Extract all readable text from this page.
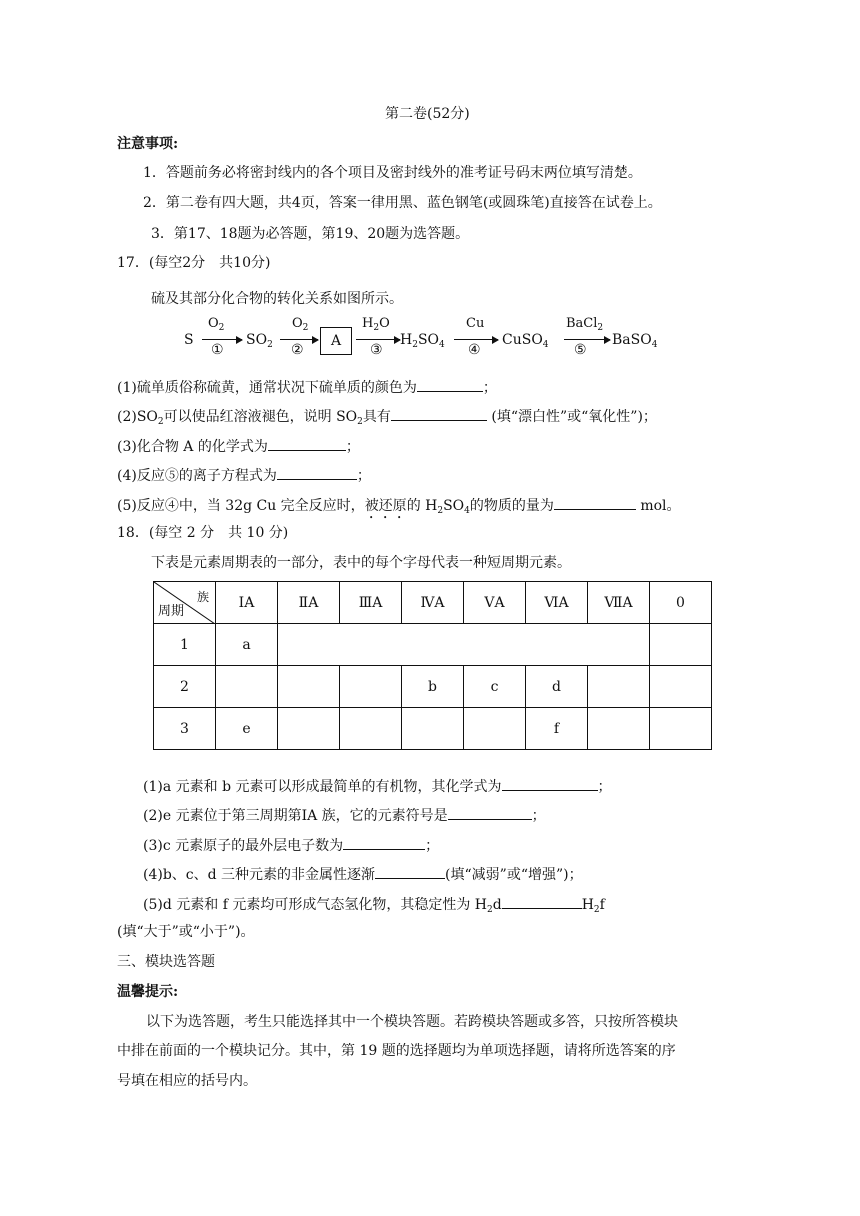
第二卷(52分)
注意事项:
1．答题前务必将密封线内的各个项目及密封线外的准考证号码末两位填写清楚。
2．第二卷有四大题，共4页，答案一律用黑、蓝色钢笔(或圆珠笔)直接答在试卷上。
3．第17、18题为必答题，第19、20题为选答题。
17．(每空2分　共10分)
硫及其部分化合物的转化关系如图所示。
S
$O_2$
①
$SO_2$
$O_2$
②
A
$H_2O$
③
$H_2SO_4$
Cu
④
CuSO$_4$
BaCl$_2$
⑤
BaSO$_4$
(1)硫单质俗称硫黄，通常状况下硫单质的颜色为	；
$(2)SO_2$可以使品红溶液褪色，说明 $SO_2$具有	(填“漂白性”或“氧化性”)；
(3)化合物 A 的化学式为	；
(4)反应⑤的离子方程式为	；
(5)反应④中，当 32g Cu 完全反应时，被还原的 $H_2SO_4$的物质的量为	mol。
18．(每空 2 分　共 10 分)
下表是元素周期表的一部分，表中的每个字母代表一种短周期元素。
族
周期	ⅠA	ⅡA	ⅢA	ⅣA	ⅤA	ⅥA	ⅦA	0
1	a							
2				b	c	d		
3	e					f		
(1)a 元素和 b 元素可以形成最简单的有机物，其化学式为	；
(2)e 元素位于第三周期第ⅠA 族，它的元素符号是	；
(3)c 元素原子的最外层电子数为	；
(4)b、c、d 三种元素的非金属性逐渐	(填“减弱”或“增强”)；
(5)d 元素和 f 元素均可形成气态氢化物，其稳定性为 $H_2d$	$H_2f$
(填“大于”或“小于”)。
三、模块选答题
温馨提示:
以下为选答题，考生只能选择其中一个模块答题。若跨模块答题或多答，只按所答模块
中排在前面的一个模块记分。其中，第 19 题的选择题均为单项选择题，请将所选答案的序
号填在相应的括号内。
